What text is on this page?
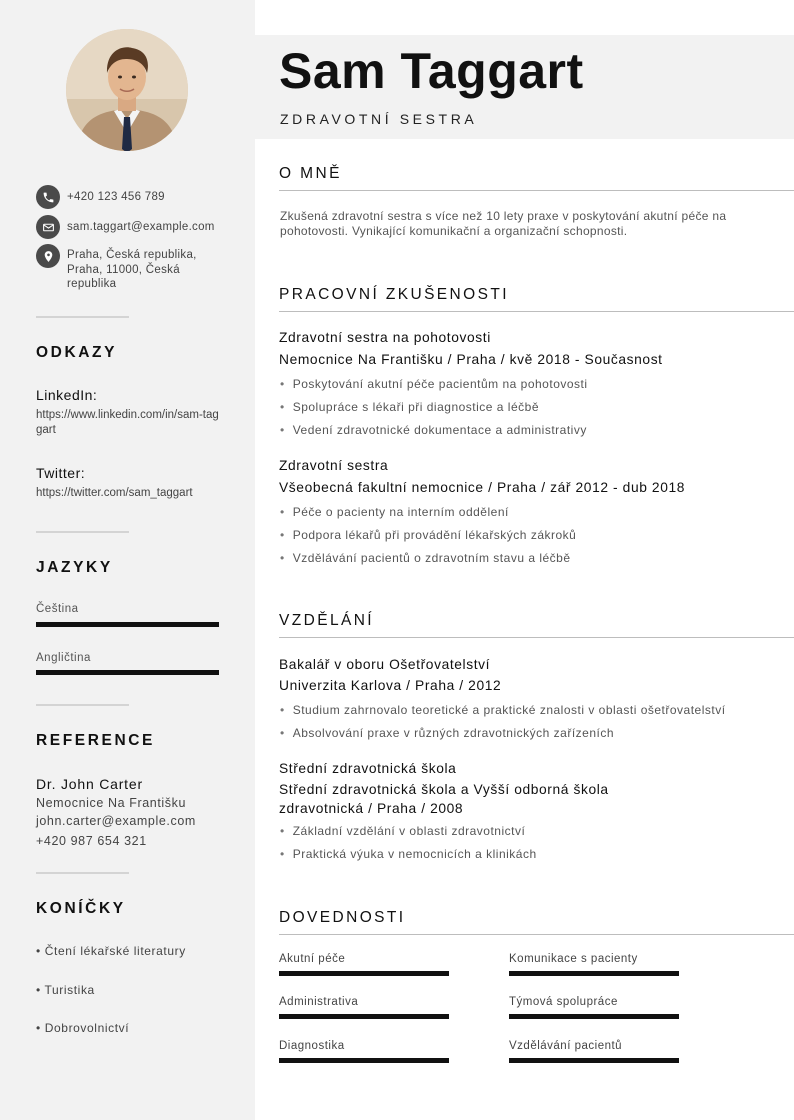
+420 123 456 789
sam.taggart@example.com
Praha, Česká republika, Praha, 11000, Česká republika
ODKAZY
LinkedIn:
https://www.linkedin.com/in/sam-taggart
Twitter:
https://twitter.com/sam_taggart
JAZYKY
Čeština
Angličtina
REFERENCE
Dr. John Carter
Nemocnice Na Františku
john.carter@example.com
+420 987 654 321
KONÍČKY
• Čtení lékařské literatury
• Turistika
• Dobrovolnictví
Sam Taggart
ZDRAVOTNÍ SESTRA
O MNĚ
Zkušená zdravotní sestra s více než 10 lety praxe v poskytování akutní péče na pohotovosti. Vynikající komunikační a organizační schopnosti.
PRACOVNÍ ZKUŠENOSTI
Zdravotní sestra na pohotovosti
Nemocnice Na Františku / Praha / kvě 2018 - Současnost
• Poskytování akutní péče pacientům na pohotovosti
• Spolupráce s lékaři při diagnostice a léčbě
• Vedení zdravotnické dokumentace a administrativy
Zdravotní sestra
Všeobecná fakultní nemocnice / Praha / zář 2012 - dub 2018
• Péče o pacienty na interním oddělení
• Podpora lékařů při provádění lékařských zákroků
• Vzdělávání pacientů o zdravotním stavu a léčbě
VZDĚLÁNÍ
Bakalář v oboru Ošetřovatelství
Univerzita Karlova / Praha / 2012
• Studium zahrnovalo teoretické a praktické znalosti v oblasti ošetřovatelství
• Absolvování praxe v různých zdravotnických zařízeních
Střední zdravotnická škola
Střední zdravotnická škola a Vyšší odborná škola zdravotnická / Praha / 2008
• Základní vzdělání v oblasti zdravotnictví
• Praktická výuka v nemocnicích a klinikách
DOVEDNOSTI
Akutní péče	Komunikace s pacienty
Administrativa	Týmová spolupráce
Diagnostika	Vzdělávání pacientů
